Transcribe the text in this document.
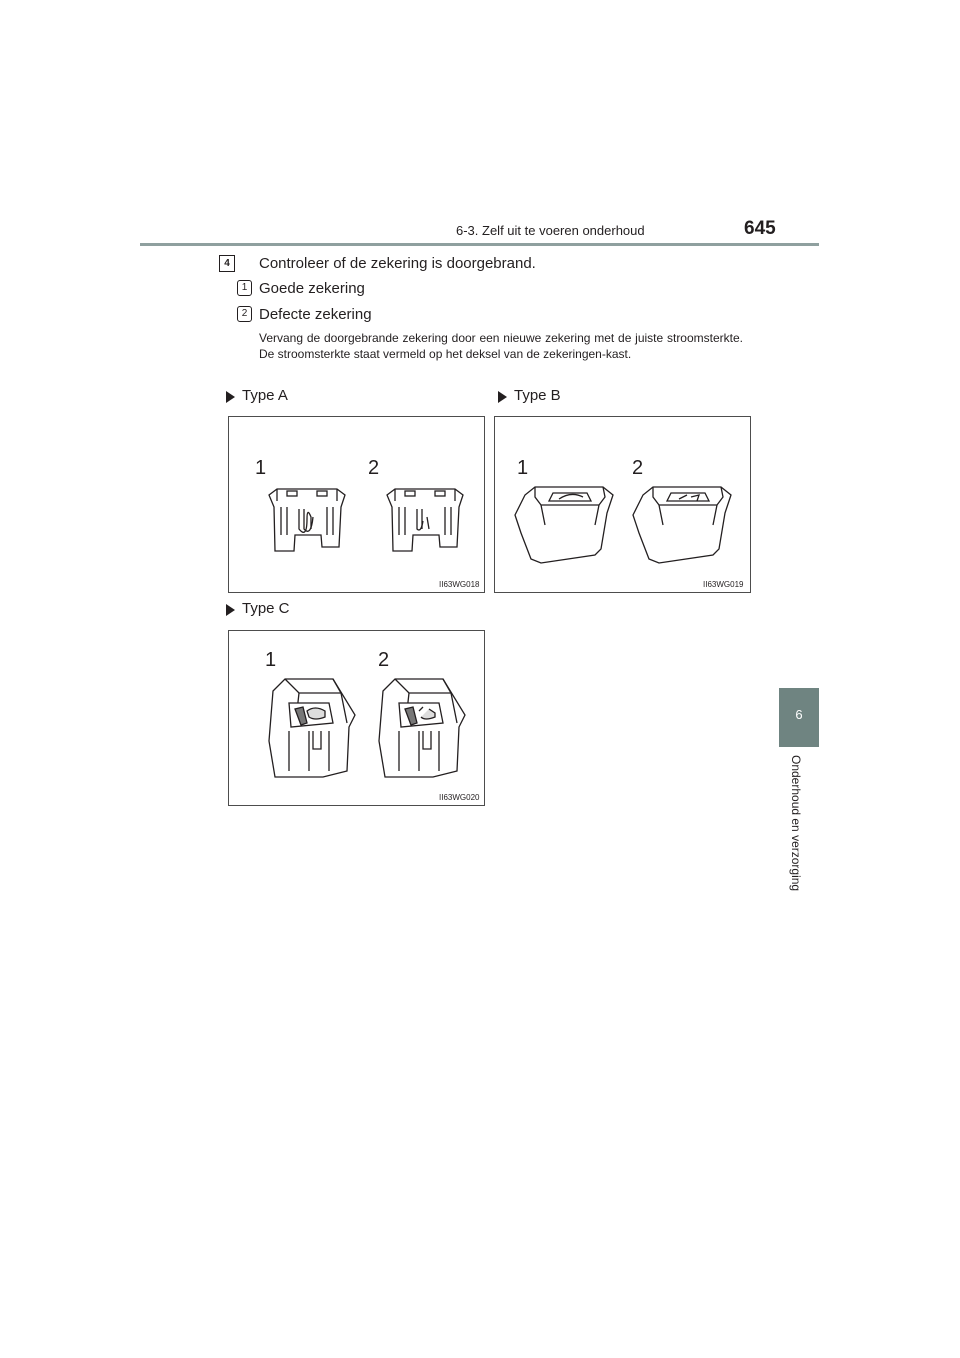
6-3. Zelf uit te voeren onderhoud	645
6
Onderhoud en verzorging
4	Controleer of de zekering is doorgebrand.
1 Goede zekering
2 Defecte zekering
Vervang de doorgebrande zekering door een nieuwe zekering met de juiste stroomsterkte. De stroomsterkte staat vermeld op het deksel van de zekeringen-kast.
Type A	Type B
1	2
II63WG018
1	2
II63WG019
Type C
1	2
II63WG020
